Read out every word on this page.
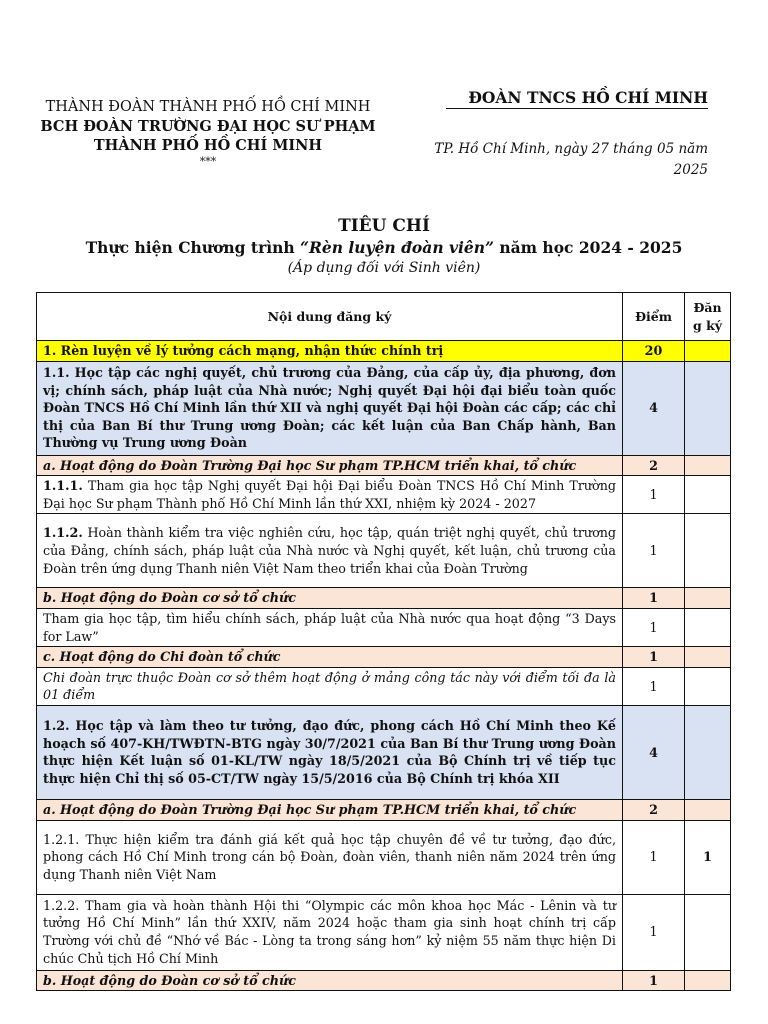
THÀNH ĐOÀN THÀNH PHỐ HỒ CHÍ MINH
BCH ĐOÀN TRƯỜNG ĐẠI HỌC SƯ PHẠM
THÀNH PHỐ HỒ CHÍ MINH
***
ĐOÀN TNCS HỒ CHÍ MINH
TP. Hồ Chí Minh, ngày 27 tháng 05 năm
2025
TIÊU CHÍ
Thực hiện Chương trình “Rèn luyện đoàn viên” năm học 2024 - 2025
(Áp dụng đối với Sinh viên)
Nội dung đăng ký	Điểm	Đăn g ký
1. Rèn luyện về lý tưởng cách mạng, nhận thức chính trị	20	
1.1. Học tập các nghị quyết, chủ trương của Đảng, của cấp ủy, địa phương, đơn vị; chính sách, pháp luật của Nhà nước; Nghị quyết Đại hội đại biểu toàn quốc Đoàn TNCS Hồ Chí Minh lần thứ XII và nghị quyết Đại hội Đoàn các cấp; các chỉ thị của Ban Bí thư Trung ương Đoàn; các kết luận của Ban Chấp hành, Ban Thường vụ Trung ương Đoàn	4	
a. Hoạt động do Đoàn Trường Đại học Sư phạm TP.HCM triển khai, tổ chức	2	
1.1.1. Tham gia học tập Nghị quyết Đại hội Đại biểu Đoàn TNCS Hồ Chí Minh Trường Đại học Sư phạm Thành phố Hồ Chí Minh lần thứ XXI, nhiệm kỳ 2024 - 2027	1	
1.1.2. Hoàn thành kiểm tra việc nghiên cứu, học tập, quán triệt nghị quyết, chủ trương của Đảng, chính sách, pháp luật của Nhà nước và Nghị quyết, kết luận, chủ trương của Đoàn trên ứng dụng Thanh niên Việt Nam theo triển khai của Đoàn Trường	1	
b. Hoạt động do Đoàn cơ sở tổ chức	1	
Tham gia học tập, tìm hiểu chính sách, pháp luật của Nhà nước qua hoạt động “3 Days for Law”	1	
c. Hoạt động do Chi đoàn tổ chức	1	
Chi đoàn trực thuộc Đoàn cơ sở thêm hoạt động ở mảng công tác này với điểm tối đa là 01 điểm	1	
1.2. Học tập và làm theo tư tưởng, đạo đức, phong cách Hồ Chí Minh theo Kế hoạch số 407-KH/TWĐTN-BTG ngày 30/7/2021 của Ban Bí thư Trung ương Đoàn thực hiện Kết luận số 01-KL/TW ngày 18/5/2021 của Bộ Chính trị về tiếp tục thực hiện Chỉ thị số 05-CT/TW ngày 15/5/2016 của Bộ Chính trị khóa XII	4	
a. Hoạt động do Đoàn Trường Đại học Sư phạm TP.HCM triển khai, tổ chức	2	
1.2.1. Thực hiện kiểm tra đánh giá kết quả học tập chuyên đề về tư tưởng, đạo đức, phong cách Hồ Chí Minh trong cán bộ Đoàn, đoàn viên, thanh niên năm 2024 trên ứng dụng Thanh niên Việt Nam	1	1
1.2.2. Tham gia và hoàn thành Hội thi “Olympic các môn khoa học Mác - Lênin và tư tưởng Hồ Chí Minh” lần thứ XXIV, năm 2024 hoặc tham gia sinh hoạt chính trị cấp Trường với chủ đề “Nhớ về Bác - Lòng ta trong sáng hơn” kỷ niệm 55 năm thực hiện Di chúc Chủ tịch Hồ Chí Minh	1	
b. Hoạt động do Đoàn cơ sở tổ chức	1	
